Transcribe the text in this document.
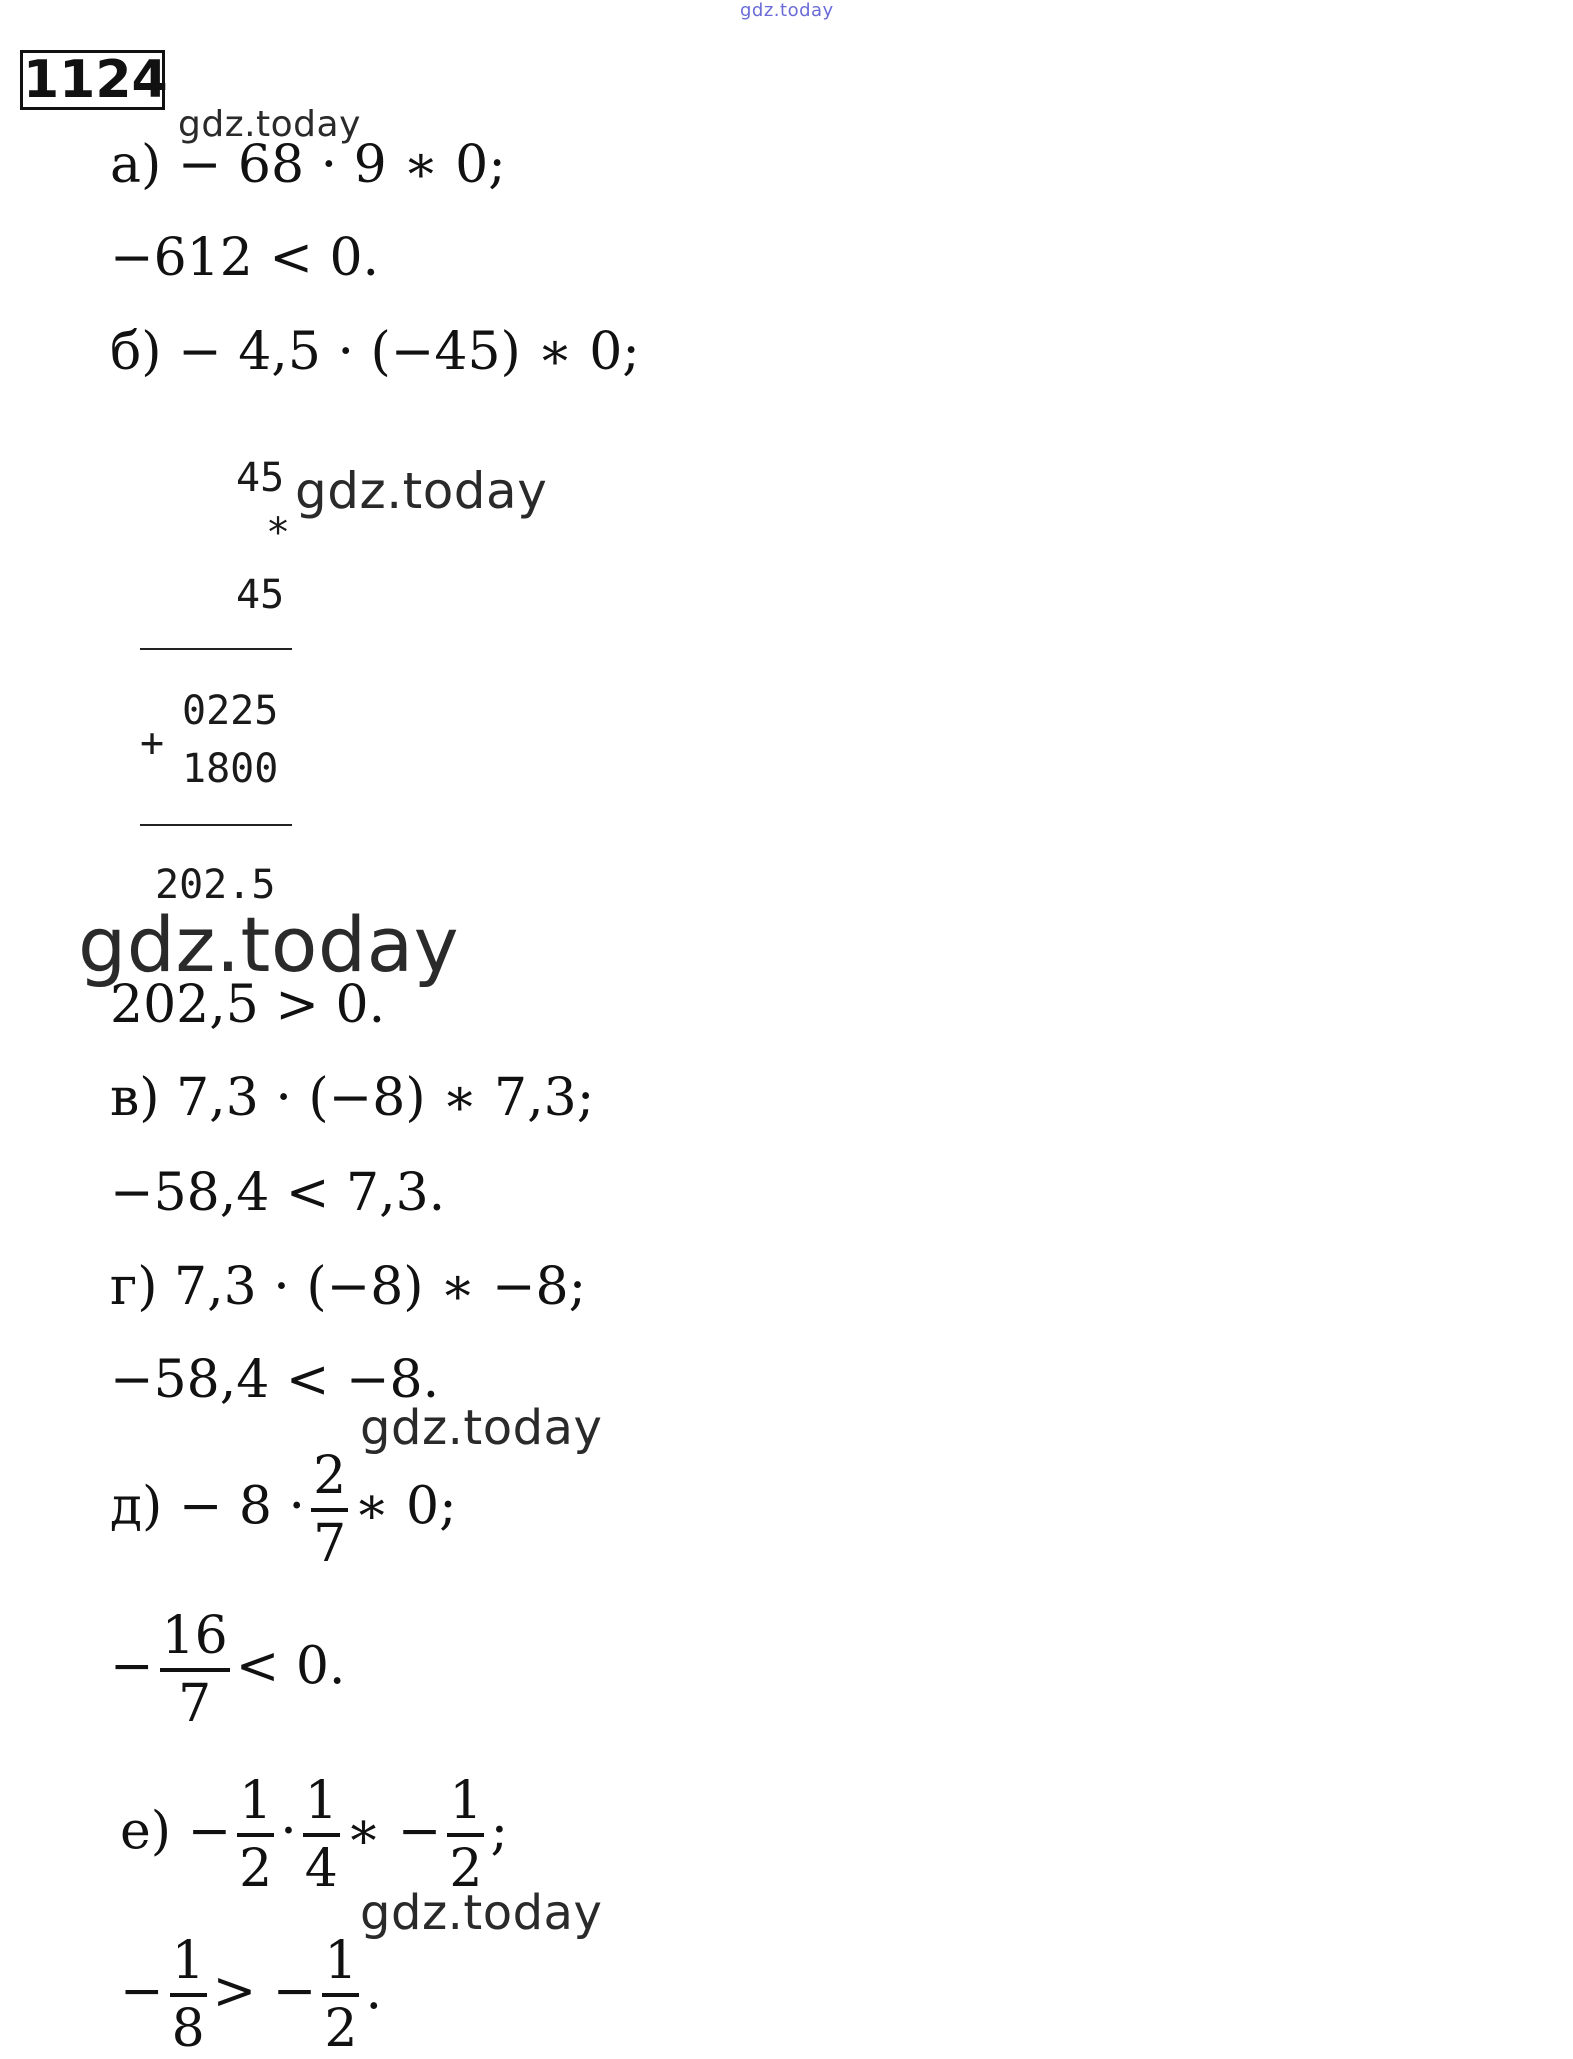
gdz.today
1124
gdz.today
gdz.today
gdz.today
gdz.today
gdz.today
а) − 68 · 9 ∗ 0;
−612 < 0.
б) − 4,5 · (−45) ∗ 0;
45
*
45
0225
+
1800
202.5
202,5 > 0.
в) 7,3 · (−8) ∗ 7,3;
−58,4 < 7,3.
г) 7,3 · (−8) ∗ −8;
−58,4 < −8.
$д) - 8 \cdot \frac{2}{7}$ ∗ 0;
− $\frac{16}{7} < 0$.
$е) - \frac{1}{2} \cdot \frac{1}{4}$ ∗ − $\frac{1}{2}$ ;
− $\frac{1}{8}$ > − $\frac{1}{2}$ .
